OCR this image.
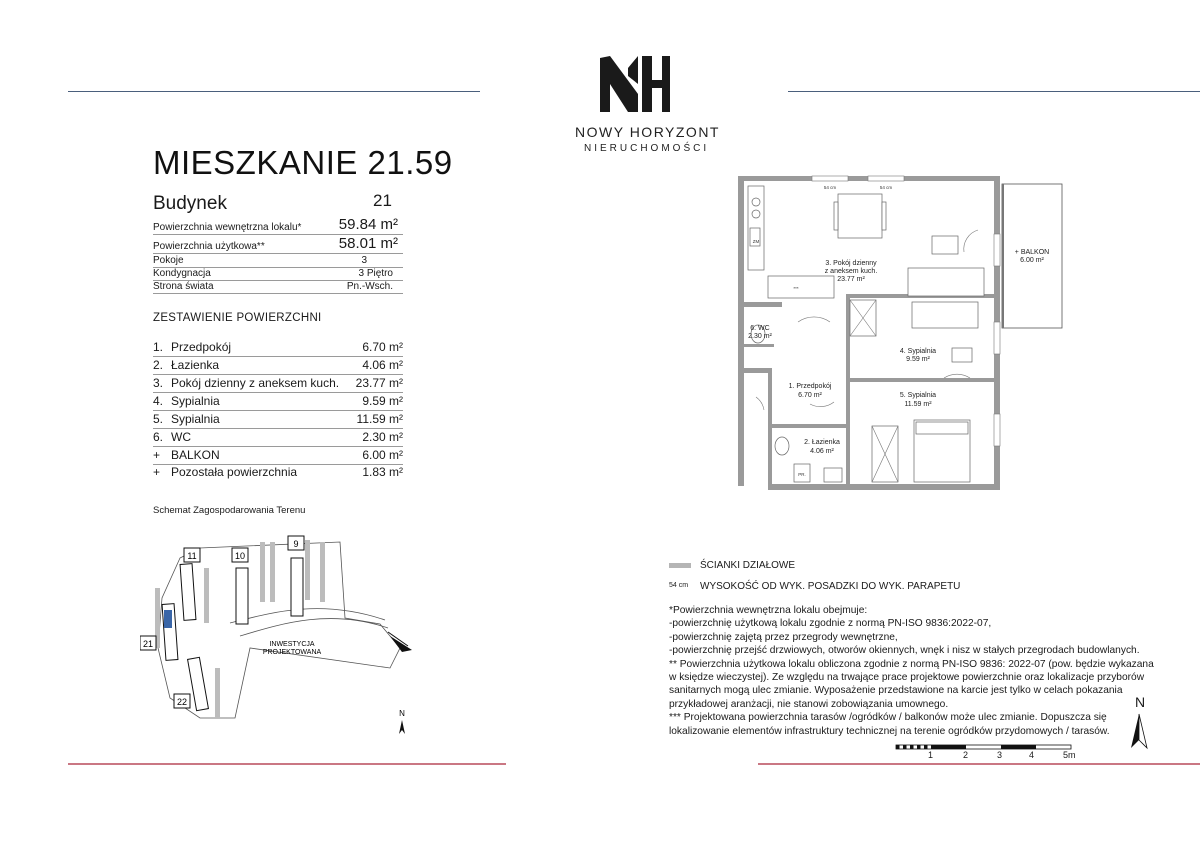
NOWY HORYZONT
NIERUCHOMOŚCI
MIESZKANIE 21.59
Budynek	21
Powierzchnia wewnętrzna lokalu* 59.84 m²
Powierzchnia użytkowa**	58.01 m²
Pokoje	3
Kondygnacja	3 Piętro
Strona świata	Pn.-Wsch.
ZESTAWIENIE POWIERZCHNI
1. Przedpokój	6.70 m²
2. Łazienka	4.06 m²
3. Pokój dzienny z aneksem kuch. 23.77 m²
4. Sypialnia	9.59 m²
5. Sypialnia	11.59 m²
6. WC	2.30 m²
+ BALKON	6.00 m²
+ Pozostała powierzchnia	1.83 m²
Schemat Zagospodarowania Terenu
11	10
9
21
22
INWESTYCJA
PROJEKTOWANA
N
3. Pokój dzienny
z aneksem kuch.
23.77 m²
+ BALKON
6.00 m²
6. WC
2.30 m²
4. Sypialnia
9.59 m²
1. Przedpokój
6.70 m²	5. Sypialnia
11.59 m²
2. Łazienka
4.06 m²
54 cm	54 cm
ZM
***
PR.
ŚCIANKI DZIAŁOWE
54 cm WYSOKOŚĆ OD WYK. POSADZKI DO WYK. PARAPETU
*Powierzchnia wewnętrzna lokalu obejmuje:
-powierzchnię użytkową lokalu zgodnie z normą PN-ISO 9836:2022-07,
-powierzchnię zajętą przez przegrody wewnętrzne,
-powierzchnię przejść drzwiowych, otworów okiennych, wnęk i nisz w stałych przegrodach budowlanych.
** Powierzchnia użytkowa lokalu obliczona zgodnie z normą PN-ISO 9836: 2022-07 (pow. będzie wykazana
w księdze wieczystej). Ze względu na trwające prace projektowe powierzchnie oraz lokalizacje przyborów
sanitarnych mogą ulec zmianie. Wyposażenie przedstawione na karcie jest tylko w celach pokazania
przykładowej aranżacji, nie stanowi zobowiązania umownego.
*** Projektowana powierzchnia tarasów /ogródków / balkonów może ulec zmianie. Dopuszcza się
lokalizowanie elementów infrastruktury technicznej na terenie ogródków przydomowych / tarasów.
1	2	3	4	5m
N
